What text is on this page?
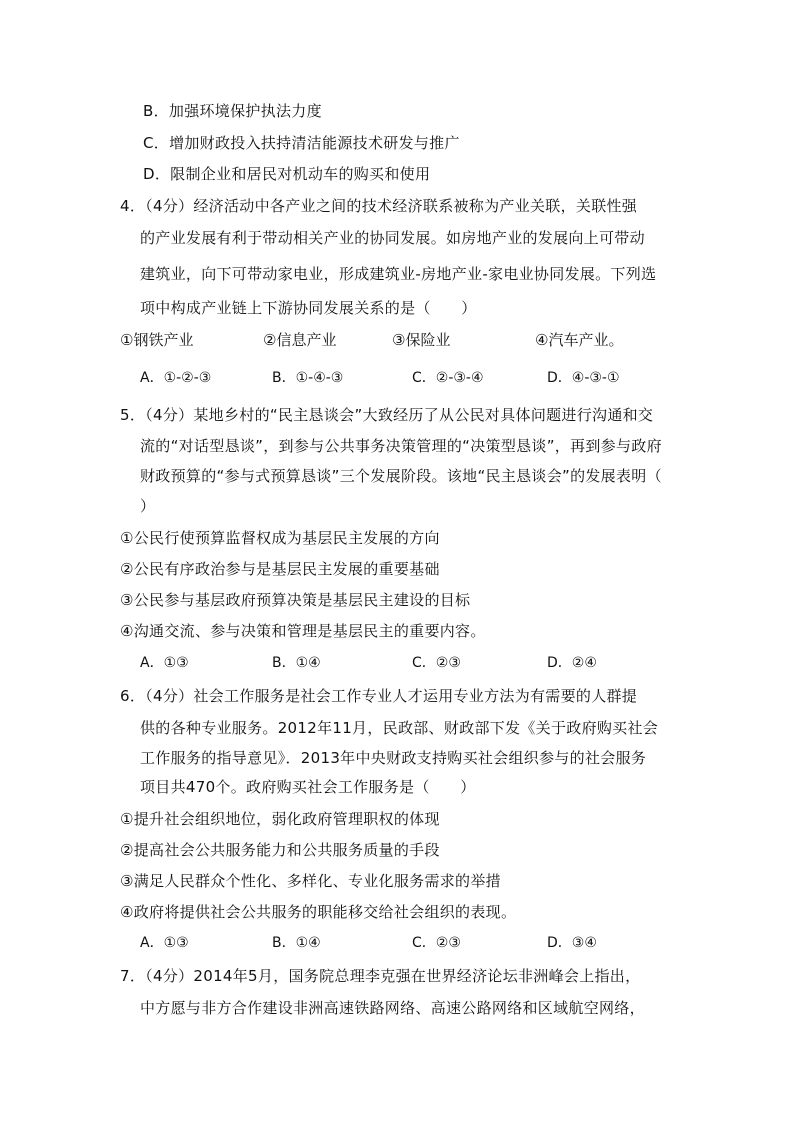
B．加强环境保护执法力度
C．增加财政投入扶持清洁能源技术研发与推广
D．限制企业和居民对机动车的购买和使用
4．（4分）经济活动中各产业之间的技术经济联系被称为产业关联，关联性强
的产业发展有利于带动相关产业的协同发展。如房地产业的发展向上可带动
建筑业，向下可带动家电业，形成建筑业-房地产业-家电业协同发展。下列选
项中构成产业链上下游协同发展关系的是（　　）
①钢铁产业	②信息产业	③保险业	④汽车产业。
A．①-②-③	B．①-④-③	C．②-③-④	D．④-③-①
5．（4分）某地乡村的“民主恳谈会”大致经历了从公民对具体问题进行沟通和交
流的“对话型恳谈”，到参与公共事务决策管理的“决策型恳谈”，再到参与政府
财政预算的“参与式预算恳谈”三个发展阶段。该地“民主恳谈会”的发展表明（
）
①公民行使预算监督权成为基层民主发展的方向
②公民有序政治参与是基层民主发展的重要基础
③公民参与基层政府预算决策是基层民主建设的目标
④沟通交流、参与决策和管理是基层民主的重要内容。
A．①③	B．①④	C．②③	D．②④
6．（4分）社会工作服务是社会工作专业人才运用专业方法为有需要的人群提
供的各种专业服务。2012年11月，民政部、财政部下发《关于政府购买社会
工作服务的指导意见》．2013年中央财政支持购买社会组织参与的社会服务
项目共470个。政府购买社会工作服务是（　　）
①提升社会组织地位，弱化政府管理职权的体现
②提高社会公共服务能力和公共服务质量的手段
③满足人民群众个性化、多样化、专业化服务需求的举措
④政府将提供社会公共服务的职能移交给社会组织的表现。
A．①③	B．①④	C．②③	D．③④
7．（4分）2014年5月，国务院总理李克强在世界经济论坛非洲峰会上指出，
中方愿与非方合作建设非洲高速铁路网络、高速公路网络和区域航空网络，
